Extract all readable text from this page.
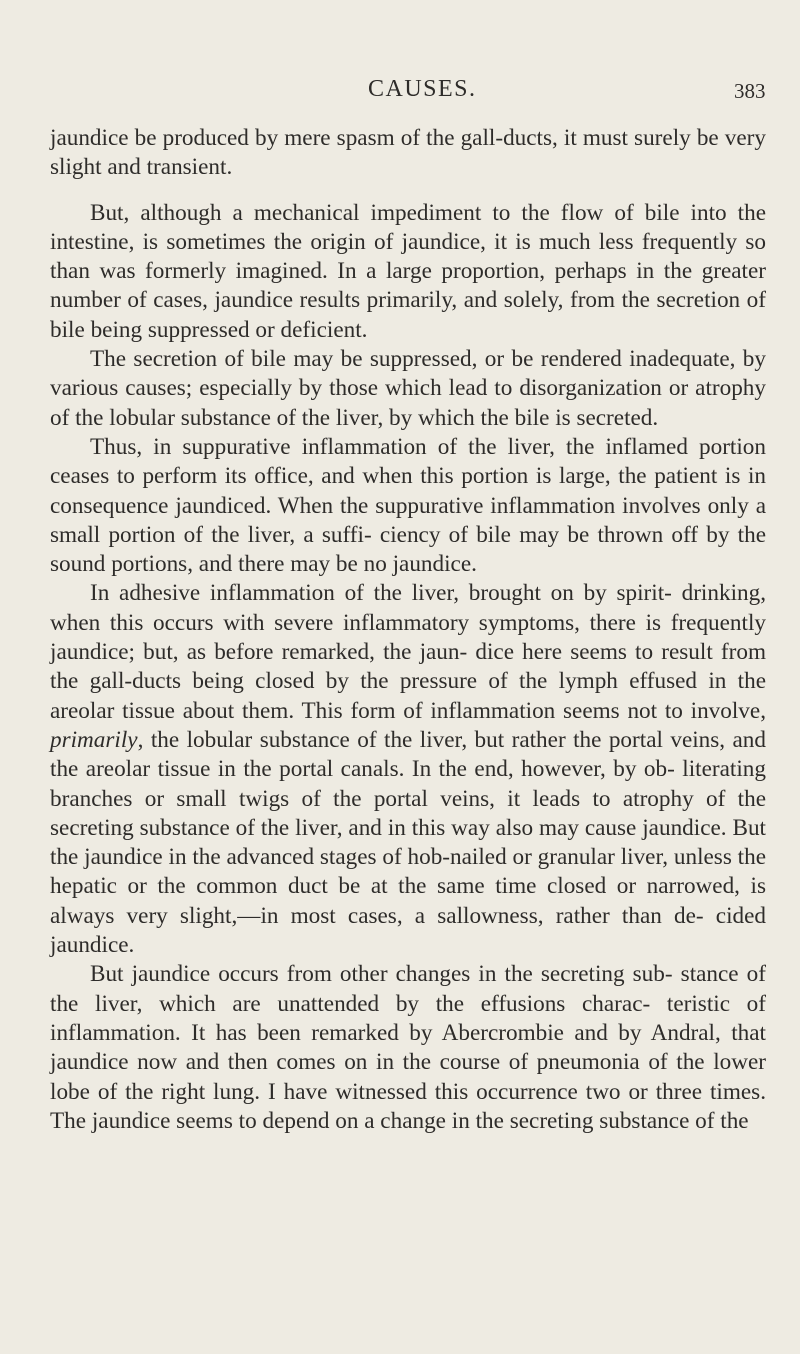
CAUSES.	383

jaundice be produced by mere spasm of the gall-ducts, it must surely be very slight and transient.

But, although a mechanical impediment to the flow of bile into the intestine, is sometimes the origin of jaundice, it is much less frequently so than was formerly imagined. In a large proportion, perhaps in the greater number of cases, jaundice results primarily, and solely, from the secretion of bile being suppressed or deficient.

The secretion of bile may be suppressed, or be rendered inadequate, by various causes; especially by those which lead to disorganization or atrophy of the lobular substance of the liver, by which the bile is secreted.

Thus, in suppurative inflammation of the liver, the inflamed portion ceases to perform its office, and when this portion is large, the patient is in consequence jaundiced. When the suppurative inflammation involves only a small portion of the liver, a suffi- ciency of bile may be thrown off by the sound portions, and there may be no jaundice.

In adhesive inflammation of the liver, brought on by spirit- drinking, when this occurs with severe inflammatory symptoms, there is frequently jaundice; but, as before remarked, the jaun- dice here seems to result from the gall-ducts being closed by the pressure of the lymph effused in the areolar tissue about them. This form of inflammation seems not to involve, primarily, the lobular substance of the liver, but rather the portal veins, and the areolar tissue in the portal canals. In the end, however, by ob- literating branches or small twigs of the portal veins, it leads to atrophy of the secreting substance of the liver, and in this way also may cause jaundice. But the jaundice in the advanced stages of hob-nailed or granular liver, unless the hepatic or the common duct be at the same time closed or narrowed, is always very slight,—in most cases, a sallowness, rather than de- cided jaundice.

But jaundice occurs from other changes in the secreting sub- stance of the liver, which are unattended by the effusions charac- teristic of inflammation. It has been remarked by Abercrombie and by Andral, that jaundice now and then comes on in the course of pneumonia of the lower lobe of the right lung. I have witnessed this occurrence two or three times. The jaundice seems to depend on a change in the secreting substance of the
